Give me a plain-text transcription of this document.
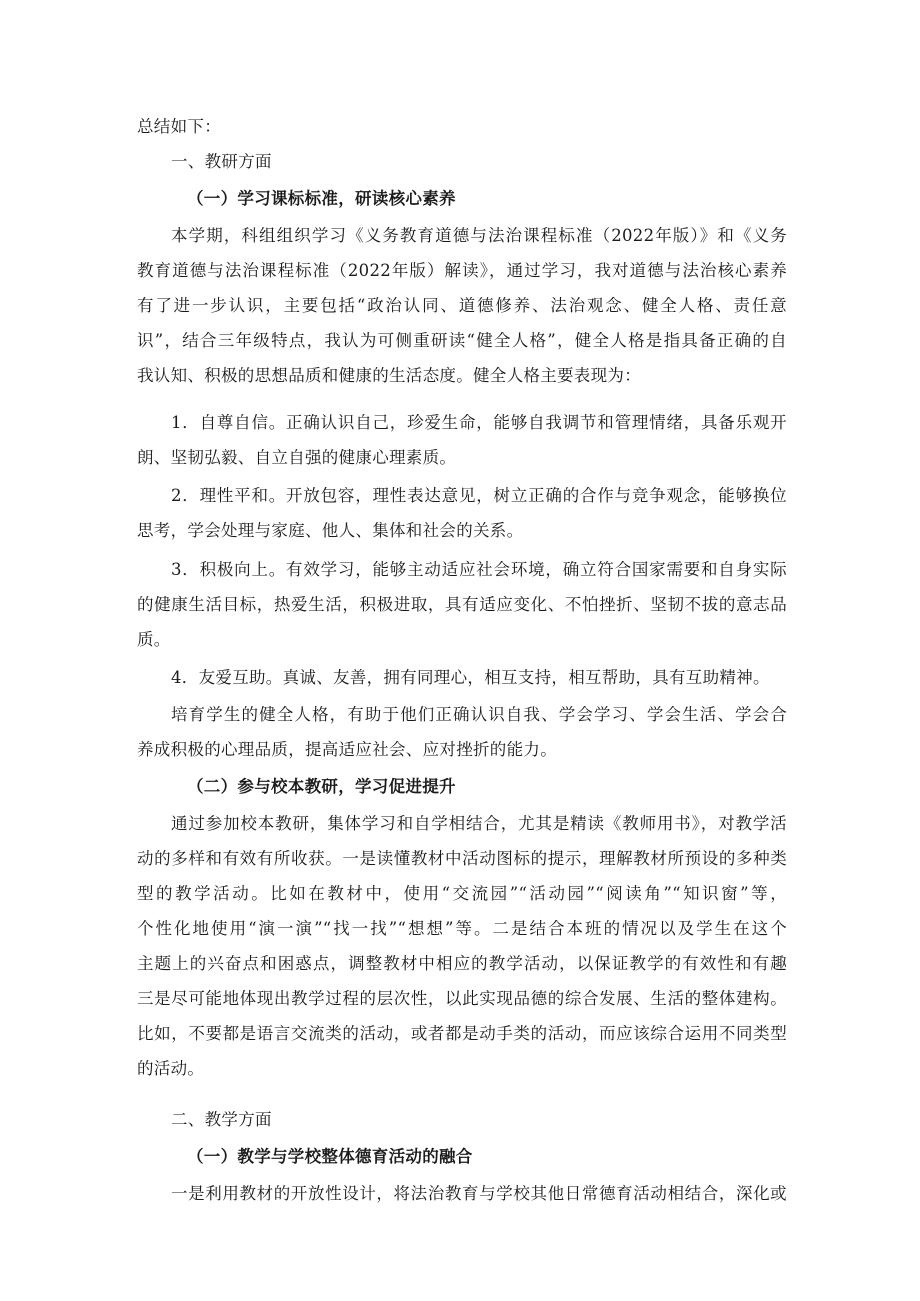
总结如下：

一、教研方面

（一）学习课标标准，研读核心素养

本学期，科组组织学习《义务教育道德与法治课程标准（2022年版）》和《义务
教育道德与法治课程标准（2022年版）解读》，通过学习，我对道德与法治核心素养
有了进一步认识，主要包括“政治认同、道德修养、法治观念、健全人格、责任意
识”，结合三年级特点，我认为可侧重研读“健全人格”，健全人格是指具备正确的自
我认知、积极的思想品质和健康的生活态度。健全人格主要表现为：
1．自尊自信。正确认识自己，珍爱生命，能够自我调节和管理情绪，具备乐观开
朗、坚韧弘毅、自立自强的健康心理素质。
2．理性平和。开放包容，理性表达意见，树立正确的合作与竞争观念，能够换位
思考，学会处理与家庭、他人、集体和社会的关系。
3．积极向上。有效学习，能够主动适应社会环境，确立符合国家需要和自身实际
的健康生活目标，热爱生活，积极进取，具有适应变化、不怕挫折、坚韧不拔的意志品
质。
4．友爱互助。真诚、友善，拥有同理心，相互支持，相互帮助，具有互助精神。
培育学生的健全人格，有助于他们正确认识自我、学会学习、学会生活、学会合
养成积极的心理品质，提高适应社会、应对挫折的能力。

（二）参与校本教研，学习促进提升

通过参加校本教研，集体学习和自学相结合，尤其是精读《教师用书》，对教学活
动的多样和有效有所收获。一是读懂教材中活动图标的提示，理解教材所预设的多种类
型的教学活动。比如在教材中，使用“交流园”“活动园”“阅读角”“知识窗”等，
个性化地使用“演一演”“找一找”“想想”等。二是结合本班的情况以及学生在这个
主题上的兴奋点和困惑点，调整教材中相应的教学活动，以保证教学的有效性和有趣
三是尽可能地体现出教学过程的层次性，以此实现品德的综合发展、生活的整体建构。
比如，不要都是语言交流类的活动，或者都是动手类的活动，而应该综合运用不同类型
的活动。

二、教学方面

（一）教学与学校整体德育活动的融合

一是利用教材的开放性设计，将法治教育与学校其他日常德育活动相结合，深化或
